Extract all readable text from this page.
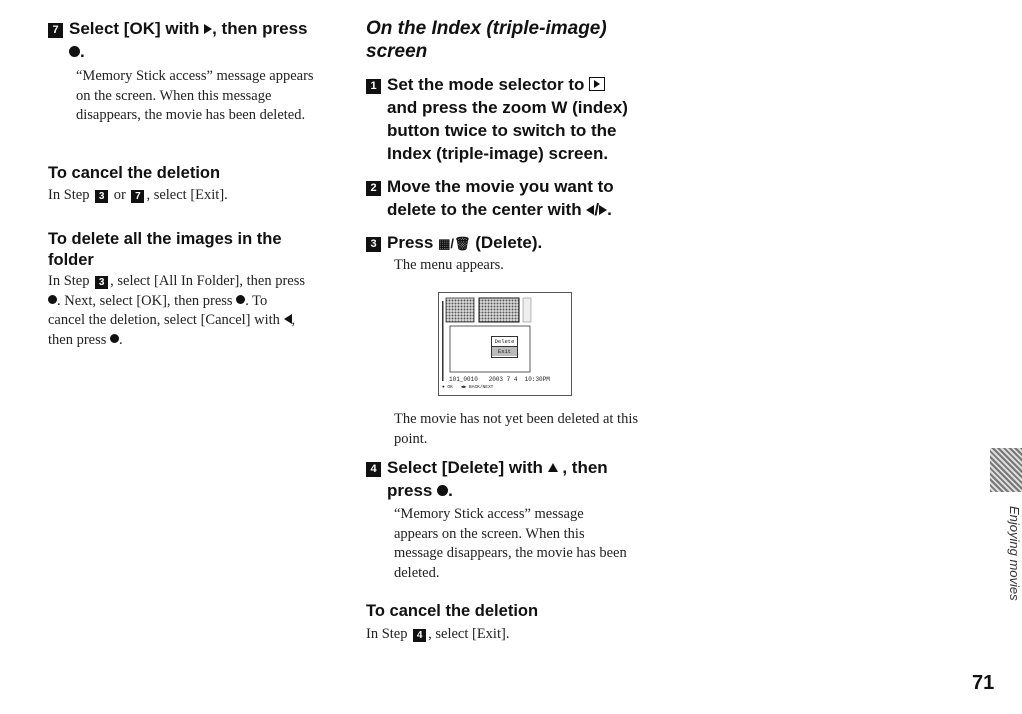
7 Select [OK] with , then press
.
“Memory Stick access” message appears on the screen. When this message disappears, the movie has been deleted.
To cancel the deletion
In Step 3 or 7 , select [Exit].
To delete all the images in the
folder
In Step 3 , select [All In Folder], then press
. Next, select [OK], then press . To
cancel the deletion, select [Cancel] with ,
then press .
On the Index (triple-image)
screen
1 Set the mode selector to
and press the zoom W (index)
button twice to switch to the
Index (triple-image) screen.
2 Move the movie you want to
delete to the center with / .
3 Press ▦/🗑 (Delete).
The menu appears.
Delete
Exit
101_0010 2003 7 4 10:30PM
● OK ◀▶ BACK/NEXT
The movie has not yet been deleted at this point.
4 Select [Delete] with , then
press .
“Memory Stick access” message appears on the screen. When this message disappears, the movie has been deleted.
To cancel the deletion
In Step 4 , select [Exit].
Enjoying movies
71
